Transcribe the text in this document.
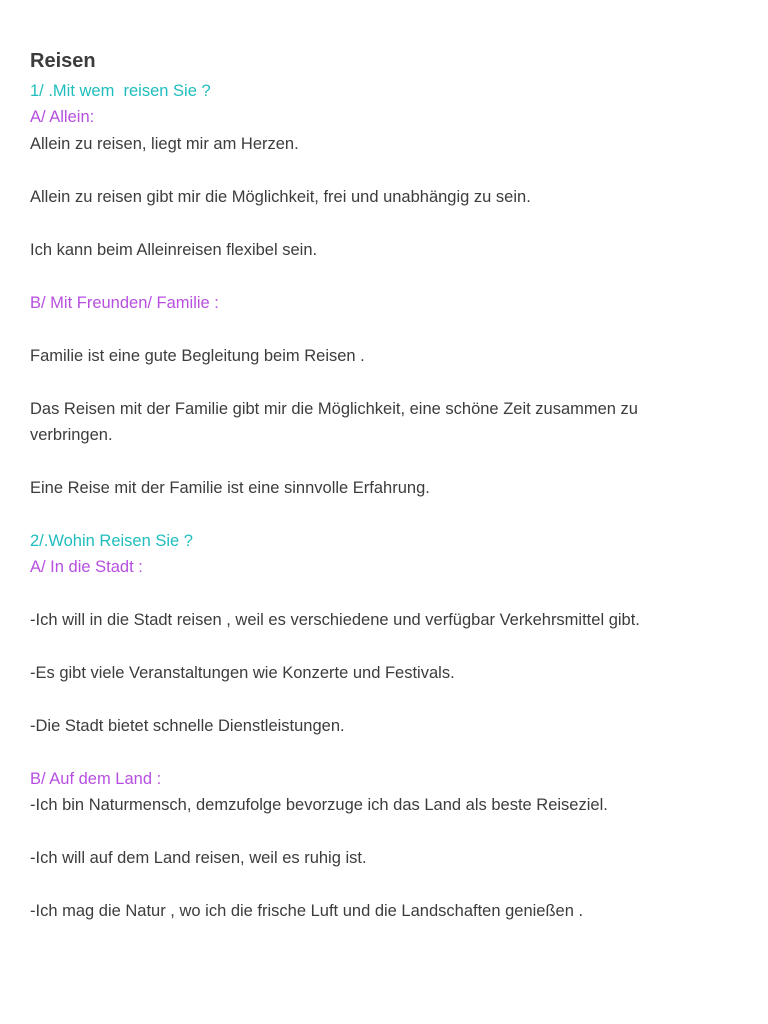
Reisen
1/ .Mit wem  reisen Sie ?
A/ Allein:
Allein zu reisen, liegt mir am Herzen.
Allein zu reisen gibt mir die Möglichkeit, frei und unabhängig zu sein.
Ich kann beim Alleinreisen flexibel sein.
B/ Mit Freunden/ Familie :
Familie ist eine gute Begleitung beim Reisen .
Das Reisen mit der Familie gibt mir die Möglichkeit, eine schöne Zeit zusammen zu verbringen.
Eine Reise mit der Familie ist eine sinnvolle Erfahrung.
2/.Wohin Reisen Sie ?
A/ In die Stadt :
-Ich will in die Stadt reisen , weil es verschiedene und verfügbar Verkehrsmittel gibt.
-Es gibt viele Veranstaltungen wie Konzerte und Festivals.
-Die Stadt bietet schnelle Dienstleistungen.
B/ Auf dem Land :
-Ich bin Naturmensch, demzufolge bevorzuge ich das Land als beste Reiseziel.
-Ich will auf dem Land reisen, weil es ruhig ist.
-Ich mag die Natur , wo ich die frische Luft und die Landschaften genießen .
